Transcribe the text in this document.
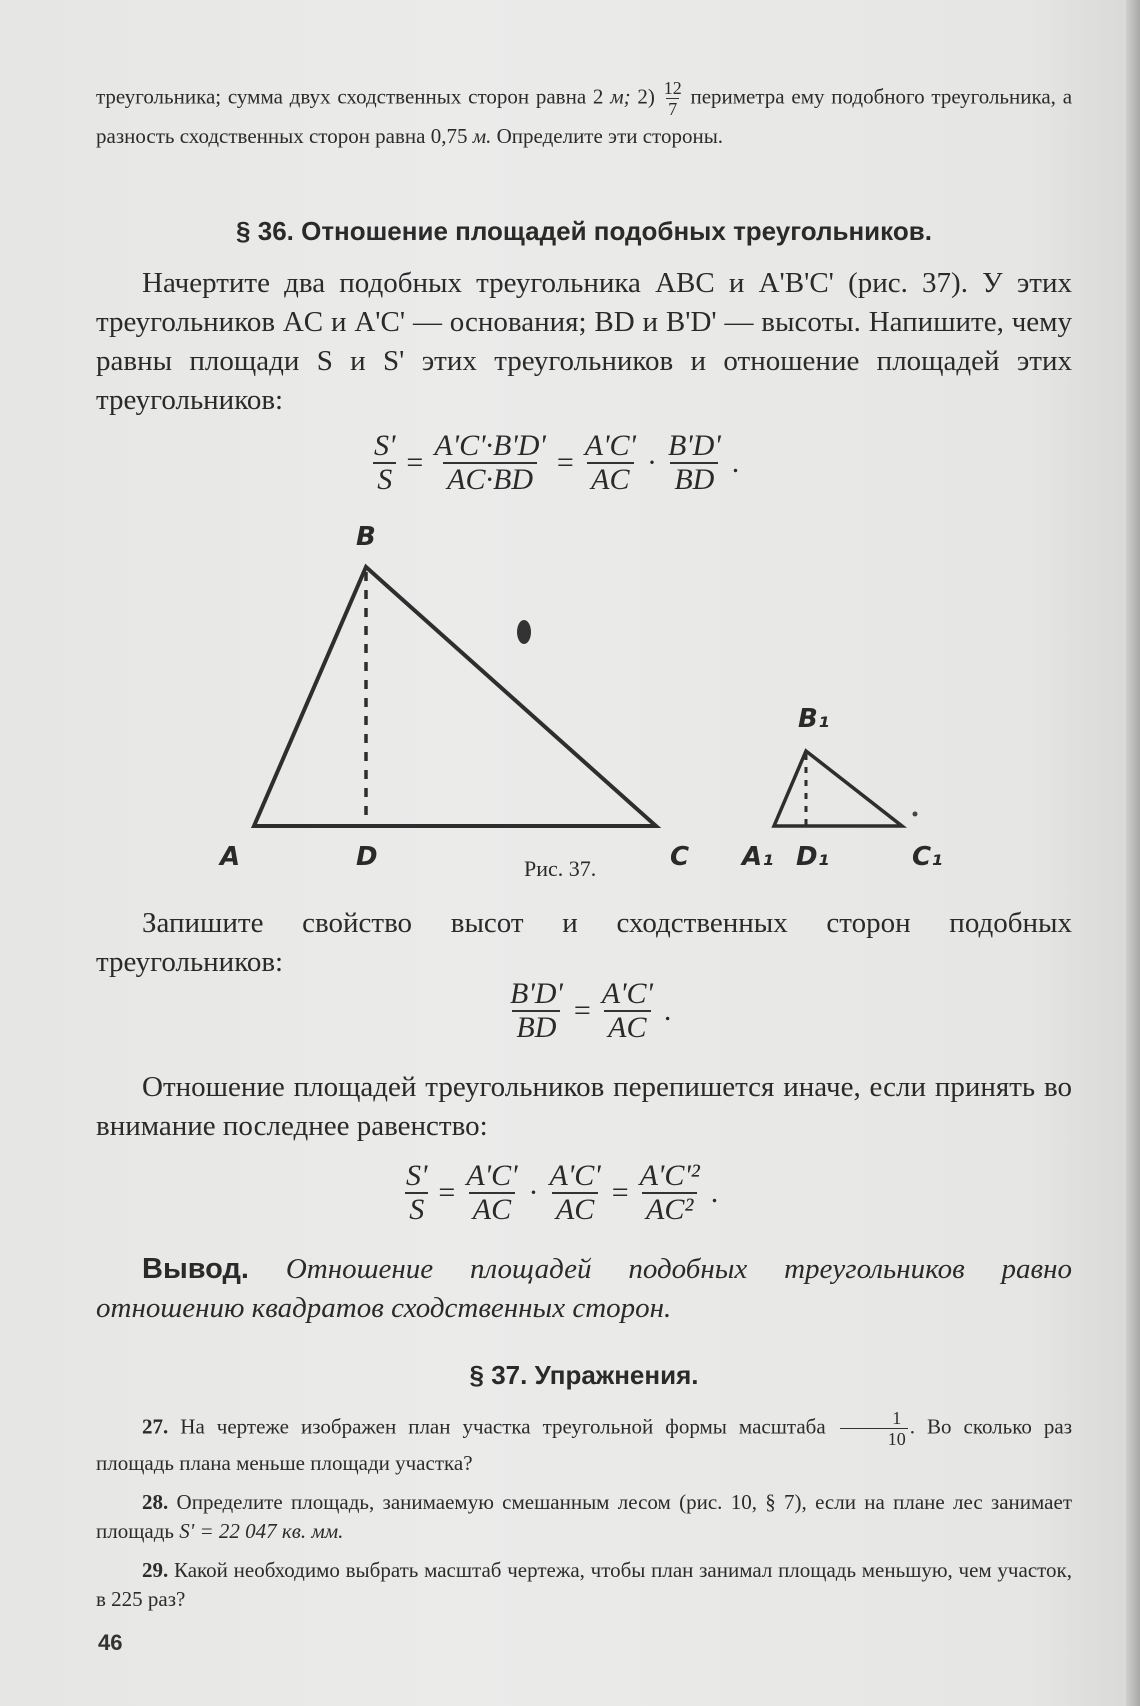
треугольника; сумма двух сходственных сторон равна 2 м; $2) \frac{12}{7}$ периметра ему подобного треугольника, а разность сходственных сторон равна 0,75 м. Определите эти стороны.

§ 36. Отношение площадей подобных треугольников.

Начертите два подобных треугольника ABC и A'B'C' (рис. 37). У этих треугольников AC и A'C' — основания; BD и B'D' — высоты. Напишите, чему равны площади S и S' этих треугольников и отношение площадей этих треугольников:

$\frac{S'}{S} = \frac{A'C'\cdot B'D'}{AC\cdot BD} = \frac{A'C'}{AC} \cdot \frac{B'D'}{BD}$ .
B
A	D	C
B₁
A₁ D₁	C₁
Рис. 37.

Запишите свойство высот и сходственных сторон подобных треугольников:

$\frac{B'D'}{BD} = \frac{A'C'}{AC}$ .

Отношение площадей треугольников перепишется иначе, если принять во внимание последнее равенство:

$\frac{S'}{S} = \frac{A'C'}{AC} \cdot \frac{A'C'}{AC} = \frac{\text{A'C'²}}{\text{AC²}}$ .

Вывод. Отношение площадей подобных треугольников равно отношению квадратов сходственных сторон.

§ 37. Упражнения.

27. На чертеже изображен план участка треугольной формы масштаба $\frac{1}{10}$ . Во сколько раз площадь плана меньше площади участка?

28. Определите площадь, занимаемую смешанным лесом (рис. 10, § 7), если на плане лес занимает площадь S' = 22 047 кв. мм.

29. Какой необходимо выбрать масштаб чертежа, чтобы план занимал площадь меньшую, чем участок, в 225 раз?

46
